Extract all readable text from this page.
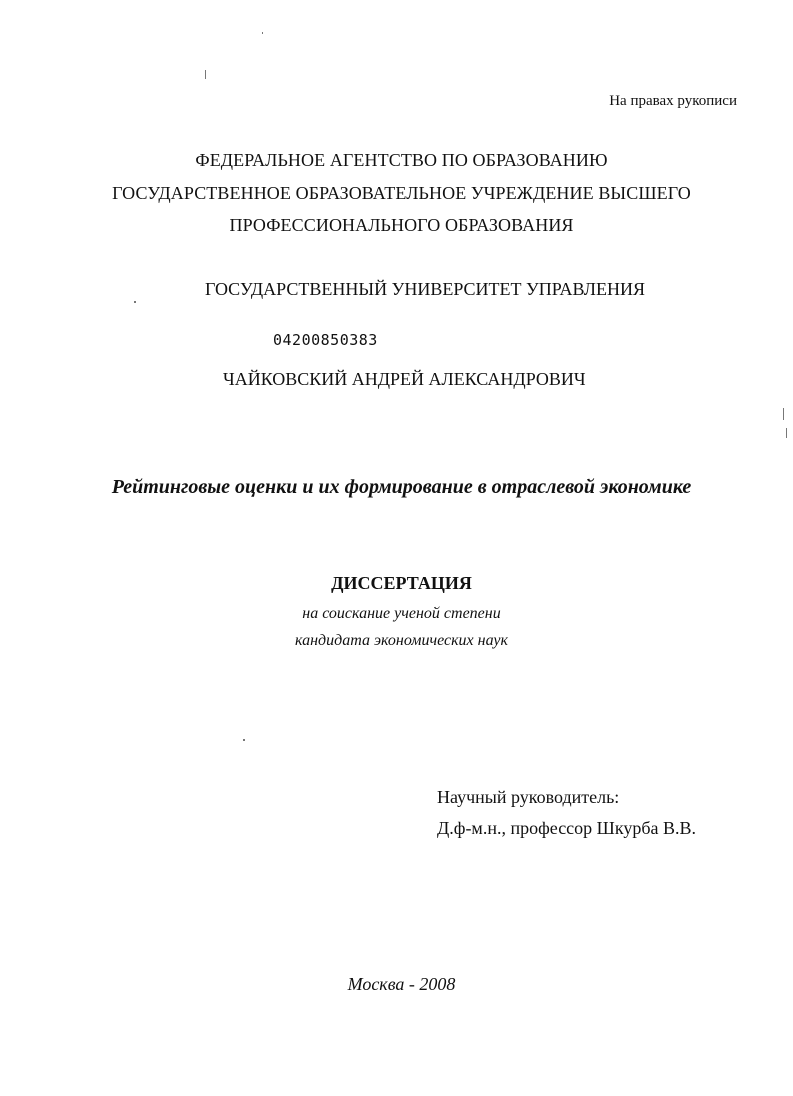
На правах рукописи
ФЕДЕРАЛЬНОЕ АГЕНТСТВО ПО ОБРАЗОВАНИЮ
ГОСУДАРСТВЕННОЕ ОБРАЗОВАТЕЛЬНОЕ УЧРЕЖДЕНИЕ ВЫСШЕГО
ПРОФЕССИОНАЛЬНОГО ОБРАЗОВАНИЯ
ГОСУДАРСТВЕННЫЙ УНИВЕРСИТЕТ УПРАВЛЕНИЯ
04200850383
ЧАЙКОВСКИЙ АНДРЕЙ АЛЕКСАНДРОВИЧ
Рейтинговые оценки и их формирование в отраслевой экономике
ДИССЕРТАЦИЯ
на соискание ученой степени
кандидата экономических наук
Научный руководитель:
Д.ф-м.н., профессор Шкурба В.В.
Москва - 2008
